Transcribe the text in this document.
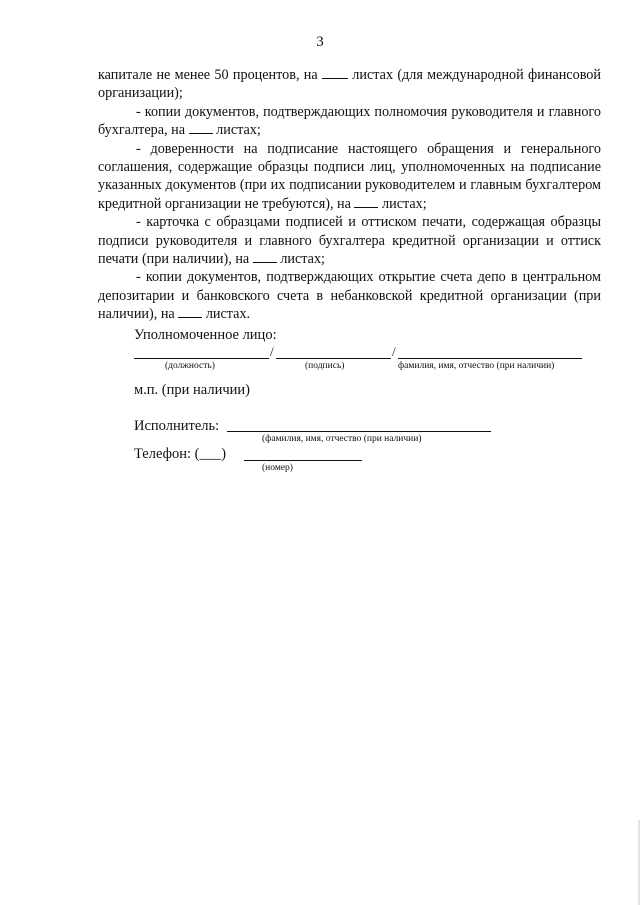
3

капитале не менее 50 процентов, на  листах (для международной финансовой организации);

- копии документов, подтверждающих полномочия руководителя и главного бухгалтера, на  листах;

- доверенности на подписание настоящего обращения и генерального соглашения, содержащие образцы подписи лиц, уполномоченных на подписание указанных документов (при их подписании руководителем и главным бухгалтером кредитной организации не требуются), на  листах;

- карточка с образцами подписей и оттиском печати, содержащая образцы подписи руководителя и главного бухгалтера кредитной организации и оттиск печати (при наличии), на  листах;

- копии документов, подтверждающих открытие счета депо в центральном депозитарии и банковского счета в небанковской кредитной организации (при наличии), на  листах.

Уполномоченное лицо:
/	/
(должность)	(подпись)	фамилия, имя, отчество (при наличии)
м.п. (при наличии)
Исполнитель:
(фамилия, имя, отчество (при наличии)
Телефон: (___)
(номер)
